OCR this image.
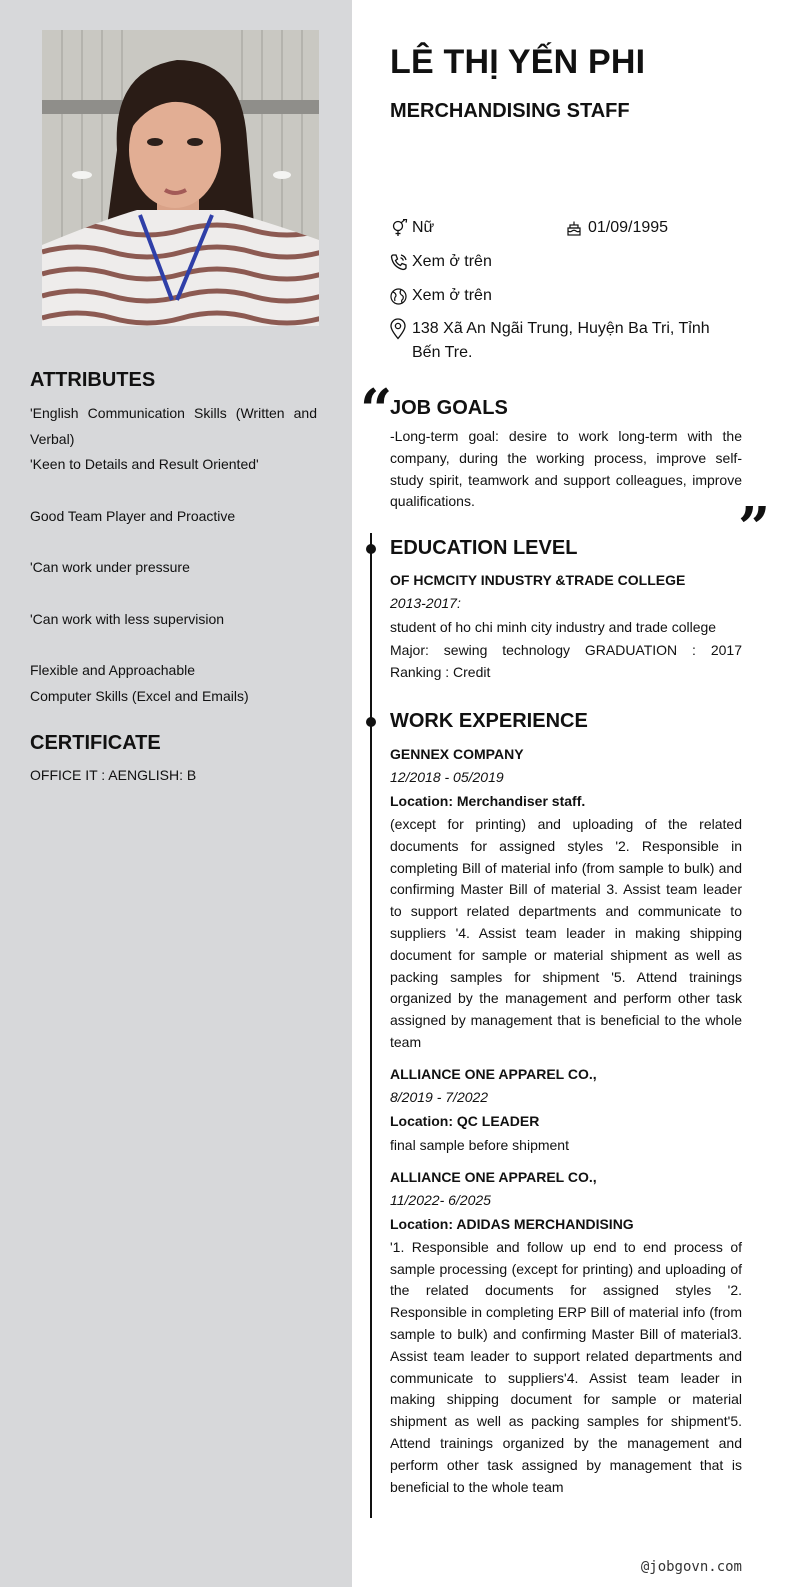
ATTRIBUTES
'English Communication Skills (Written and Verbal)
'Keen to Details and Result Oriented'
Good Team Player and Proactive
'Can work under pressure
'Can work with less supervision
Flexible and Approachable
Computer Skills (Excel and Emails)
CERTIFICATE
OFFICE IT : AENGLISH: B
LÊ THỊ YẾN PHI
MERCHANDISING STAFF
Nữ	01/09/1995
Xem ở trên
Xem ở trên
138 Xã An Ngãi Trung, Huyện Ba Tri, Tỉnh Bến Tre.
“
”
JOB GOALS
-Long-term goal: desire to work long-term with the company, during the working process, improve self-study spirit, teamwork and support colleagues, improve qualifications.
EDUCATION LEVEL
OF HCMCITY INDUSTRY &TRADE COLLEGE
2013-2017:
student of ho chi minh city industry and trade college
Major: sewing technology GRADUATION : 2017 Ranking : Credit
WORK EXPERIENCE
GENNEX COMPANY
12/2018 - 05/2019
Location: Merchandiser staff.
(except for printing) and uploading of the related documents for assigned styles '2. Responsible in completing Bill of material info (from sample to bulk) and confirming Master Bill of material 3. Assist team leader to support related departments and communicate to suppliers '4. Assist team leader in making shipping document for sample or material shipment as well as packing samples for shipment '5. Attend trainings organized by the management and perform other task assigned by management that is beneficial to the whole team
ALLIANCE ONE APPAREL CO.,
8/2019 - 7/2022
Location: QC LEADER
final sample before shipment
ALLIANCE ONE APPAREL CO.,
11/2022- 6/2025
Location: ADIDAS MERCHANDISING
'1. Responsible and follow up end to end process of sample processing (except for printing) and uploading of the related documents for assigned styles '2. Responsible in completing ERP Bill of material info (from sample to bulk) and confirming Master Bill of material3. Assist team leader to support related departments and communicate to suppliers'4. Assist team leader in making shipping document for sample or material shipment as well as packing samples for shipment'5. Attend trainings organized by the management and perform other task assigned by management that is beneficial to the whole team
@jobgovn.com
